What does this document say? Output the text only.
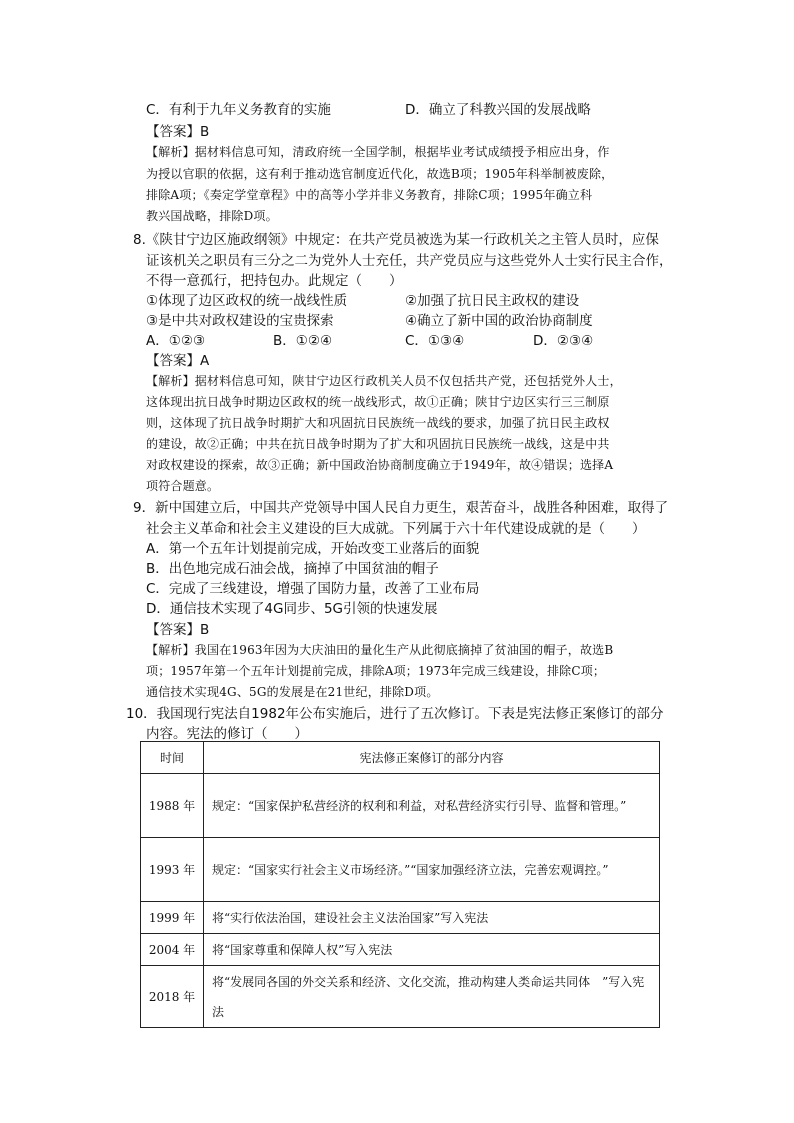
C．有利于九年义务教育的实施	D．确立了科教兴国的发展战略
【答案】B
【解析】据材料信息可知，清政府统一全国学制，根据毕业考试成绩授予相应出身，作
为授以官职的依据，这有利于推动选官制度近代化，故选B项；1905年科举制被废除，
排除A项；《奏定学堂章程》中的高等小学并非义务教育，排除C项；1995年确立科
教兴国战略，排除D项。
8.《陕甘宁边区施政纲领》中规定：在共产党员被选为某一行政机关之主管人员时，应保
证该机关之职员有三分之二为党外人士充任，共产党员应与这些党外人士实行民主合作，
不得一意孤行，把持包办。此规定（　　）
①体现了边区政权的统一战线性质	②加强了抗日民主政权的建设
③是中共对政权建设的宝贵探索	④确立了新中国的政治协商制度
A．①②③	B．①②④	C．①③④	D．②③④
【答案】A
【解析】据材料信息可知，陕甘宁边区行政机关人员不仅包括共产党，还包括党外人士，
这体现出抗日战争时期边区政权的统一战线形式，故①正确；陕甘宁边区实行三三制原
则，这体现了抗日战争时期扩大和巩固抗日民族统一战线的要求，加强了抗日民主政权
的建设，故②正确；中共在抗日战争时期为了扩大和巩固抗日民族统一战线，这是中共
对政权建设的探索，故③正确；新中国政治协商制度确立于1949年，故④错误；选择A
项符合题意。
9．新中国建立后，中国共产党领导中国人民自力更生，艰苦奋斗，战胜各种困难，取得了
社会主义革命和社会主义建设的巨大成就。下列属于六十年代建设成就的是（　　）
A．第一个五年计划提前完成，开始改变工业落后的面貌
B．出色地完成石油会战，摘掉了中国贫油的帽子
C．完成了三线建设，增强了国防力量，改善了工业布局
D．通信技术实现了4G同步、5G引领的快速发展
【答案】B
【解析】我国在1963年因为大庆油田的量化生产从此彻底摘掉了贫油国的帽子，故选B
项；1957年第一个五年计划提前完成，排除A项；1973年完成三线建设，排除C项；
通信技术实现4G、5G的发展是在21世纪，排除D项。
10．我国现行宪法自1982年公布实施后，进行了五次修订。下表是宪法修正案修订的部分
内容。宪法的修订（　　）
时间	宪法修正案修订的部分内容
1988 年	规定：“国家保护私营经济的权利和利益，对私营经济实行引导、监督和管理。”
1993 年	规定：“国家实行社会主义市场经济。”“国家加强经济立法，完善宏观调控。”
1999 年	将“实行依法治国，建设社会主义法治国家”写入宪法
2004 年	将“国家尊重和保障人权”写入宪法
2018 年	将“发展同各国的外交关系和经济、文化交流，推动构建人类命运共同体　”写入宪法
